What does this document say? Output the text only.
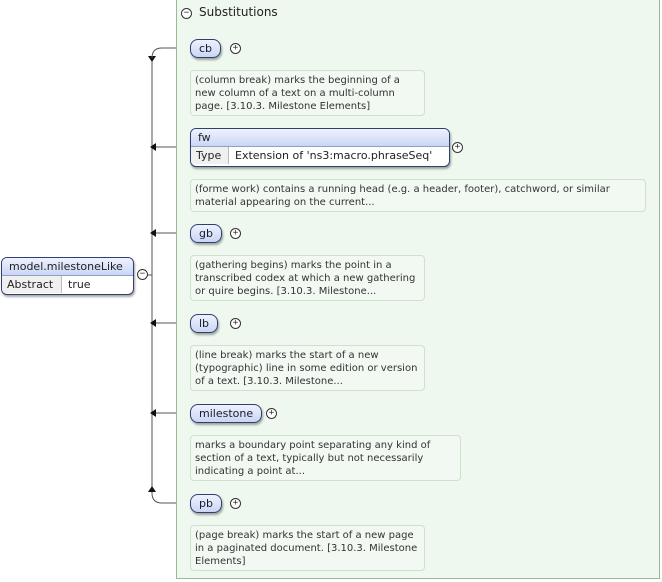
− Substitutions
model.milestoneLike
Abstract	true
−
cb	+
(column break) marks the beginning of a new column of a text on a multi-column page. [3.10.3. Milestone Elements]
fw
Type	Extension of 'ns3:macro.phraseSeq'
+
(forme work) contains a running head (e.g. a header, footer), catchword, or similar material appearing on the current...
gb	+
(gathering begins) marks the point in a transcribed codex at which a new gathering or quire begins. [3.10.3. Milestone...
lb	+
(line break) marks the start of a new (typographic) line in some edition or version of a text. [3.10.3. Milestone...
milestone	+
marks a boundary point separating any kind of section of a text, typically but not necessarily indicating a point at...
pb	+
(page break) marks the start of a new page in a paginated document. [3.10.3. Milestone Elements]
